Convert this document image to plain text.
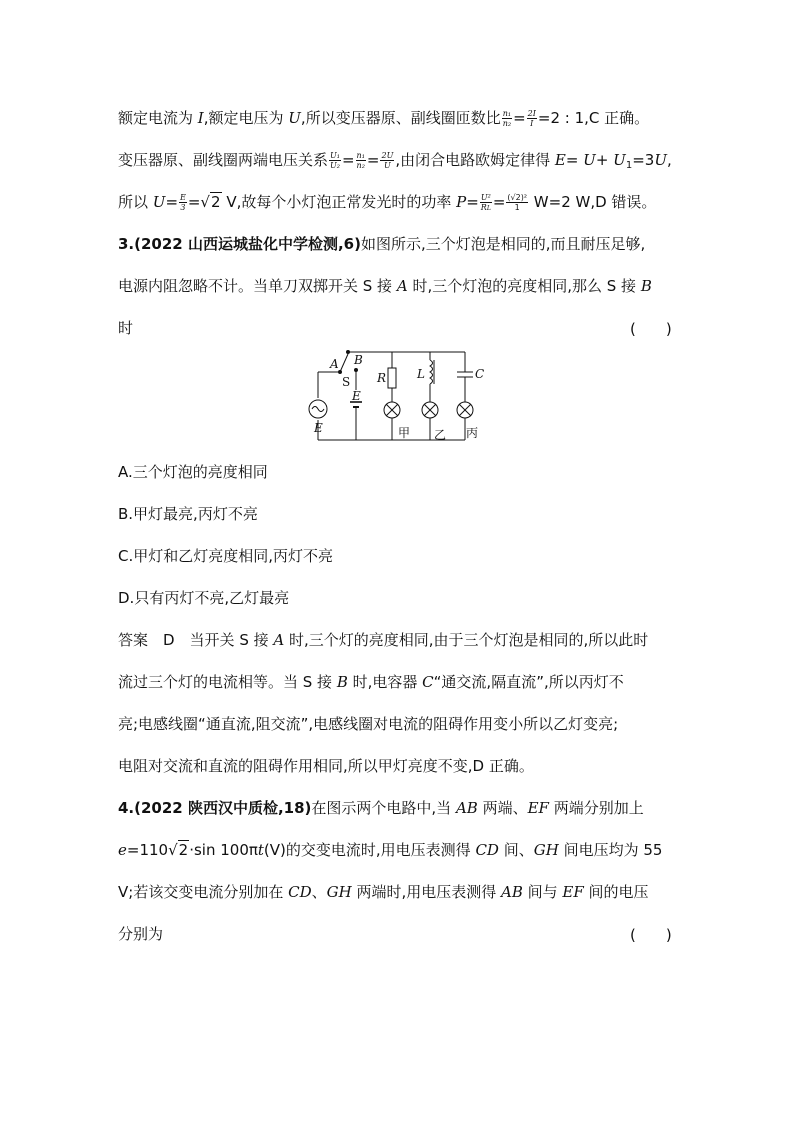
额定电流为 I,额定电压为 U,所以变压器原、副线圈匝数比 $\frac{\text{n₁}}{\text{n₂}} = \frac{2I}{I} =2$ : 1,C 正确。
变压器原、副线圈两端电压关系 $\frac{\text{U₁}}{\text{U₂}} = \frac{\text{n₁}}{\text{n₂}} = \frac{2U}{U}$ ,由闭合电路欧姆定律得 $E= U+ U_1=3U$,
所以 $U= \frac{E}{3} =√2$ V,故每个小灯泡正常发光时的功率 $P= \frac{\text{U²}}{RL} = \frac{\text{(√2)²}}{1} W=2$ W,D 错误。
3.(2022 山西运城盐化中学检测,6)如图所示,三个灯泡是相同的,而且耐压足够,
电源内阻忽略不计。当单刀双掷开关 S 接 A 时,三个灯泡的亮度相同,那么 S 接 B
时	(　　)
A B
S
E
E
R	L	C
甲 乙 丙
A.三个灯泡的亮度相同
B.甲灯最亮,丙灯不亮
C.甲灯和乙灯亮度相同,丙灯不亮
D.只有丙灯不亮,乙灯最亮
答案　D　当开关 S 接 A 时,三个灯的亮度相同,由于三个灯泡是相同的,所以此时
流过三个灯的电流相等。当 S 接 B 时,电容器 C“通交流,隔直流”,所以丙灯不
亮;电感线圈“通直流,阻交流”,电感线圈对电流的阻碍作用变小所以乙灯变亮;
电阻对交流和直流的阻碍作用相同,所以甲灯亮度不变,D 正确。
4.(2022 陕西汉中质检,18)在图示两个电路中,当 AB 两端、EF 两端分别加上
e=110√2·sin 100πt(V)的交变电流时,用电压表测得 CD 间、GH 间电压均为 55
V;若该交变电流分别加在 CD、GH 两端时,用电压表测得 AB 间与 EF 间的电压
分别为	(　　)
